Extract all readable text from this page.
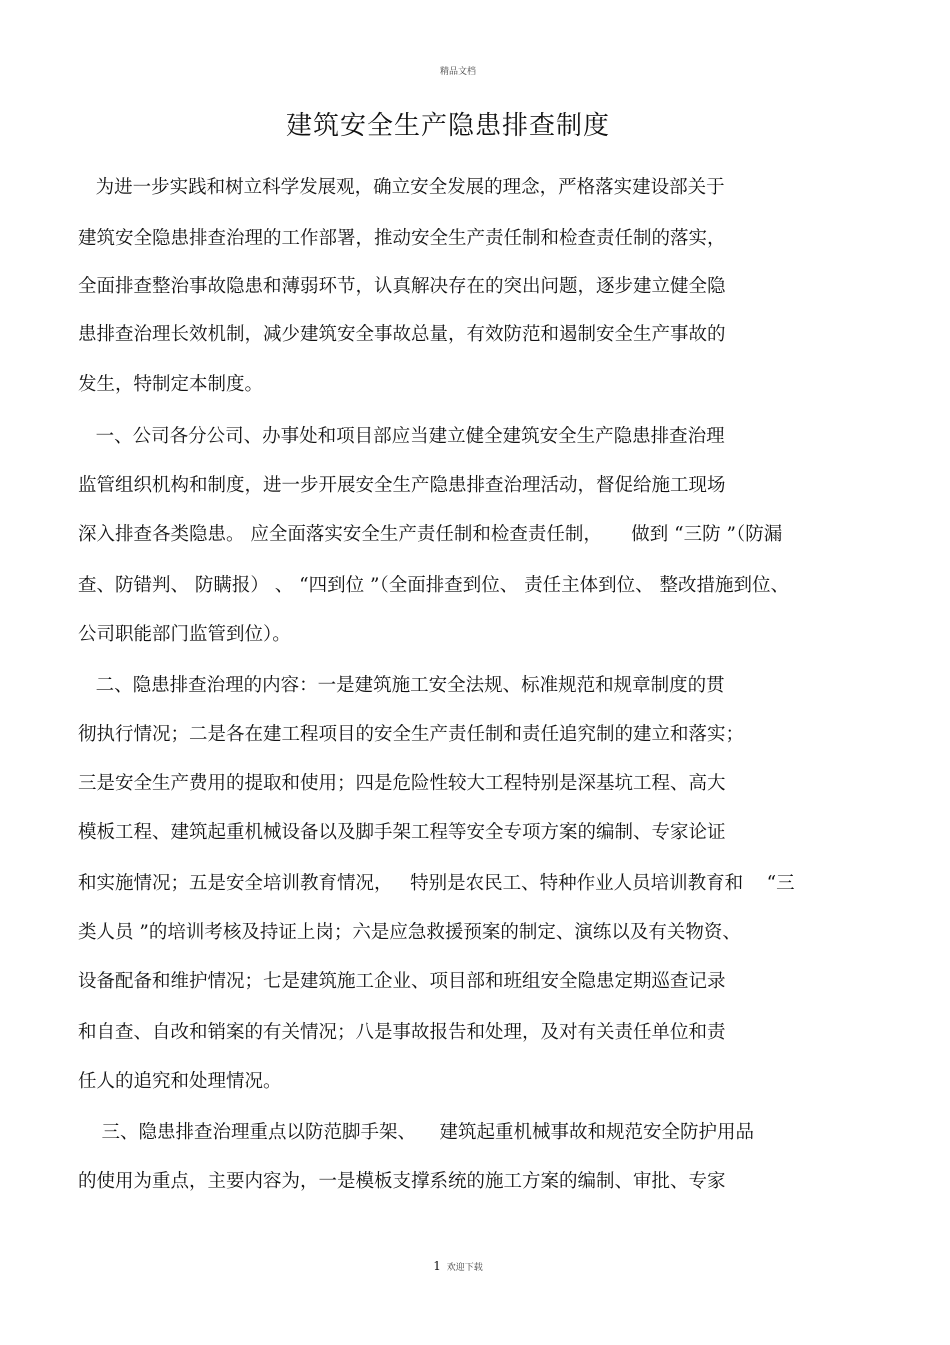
精品文档
建筑安全生产隐患排查制度
为进一步实践和树立科学发展观，确立安全发展的理念，严格落实建设部关于
建筑安全隐患排查治理的工作部署，推动安全生产责任制和检查责任制的落实，
全面排查整治事故隐患和薄弱环节，认真解决存在的突出问题，逐步建立健全隐
患排查治理长效机制，减少建筑安全事故总量，有效防范和遏制安全生产事故的
发生，特制定本制度。
一、公司各分公司、办事处和项目部应当建立健全建筑安全生产隐患排查治理
监管组织机构和制度，进一步开展安全生产隐患排查治理活动，督促给施工现场
深入排查各类隐患。 应全面落实安全生产责任制和检查责任制，     做到 “三防 ”（防漏
查、防错判、 防瞒报） 、 “四到位 ”（全面排查到位、 责任主体到位、 整改措施到位、
公司职能部门监管到位）。
二、隐患排查治理的内容：一是建筑施工安全法规、标准规范和规章制度的贯
彻执行情况；二是各在建工程项目的安全生产责任制和责任追究制的建立和落实；
三是安全生产费用的提取和使用；四是危险性较大工程特别是深基坑工程、高大
模板工程、建筑起重机械设备以及脚手架工程等安全专项方案的编制、专家论证
和实施情况；五是安全培训教育情况，   特别是农民工、特种作业人员培训教育和    “三
类人员 ”的培训考核及持证上岗；六是应急救援预案的制定、演练以及有关物资、
设备配备和维护情况；七是建筑施工企业、项目部和班组安全隐患定期巡查记录
和自查、自改和销案的有关情况；八是事故报告和处理，及对有关责任单位和责
任人的追究和处理情况。
三、隐患排查治理重点以防范脚手架、    建筑起重机械事故和规范安全防护用品
的使用为重点，主要内容为，一是模板支撑系统的施工方案的编制、审批、专家
1 欢迎下载
